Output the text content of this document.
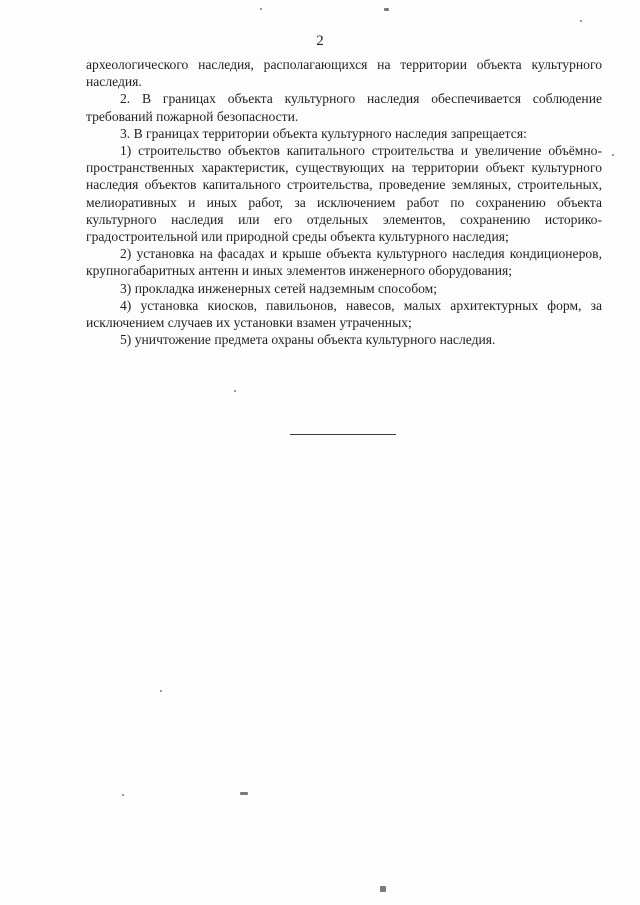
2

археологического наследия, располагающихся на территории объекта культурного наследия.

2. В границах объекта культурного наследия обеспечивается соблюдение требований пожарной безопасности.

3. В границах территории объекта культурного наследия запрещается:

1) строительство объектов капитального строительства и увеличение объёмно-пространственных характеристик, существующих на территории объект культурного наследия объектов капитального строительства, проведение земляных, строительных, мелиоративных и иных работ, за исключением работ по сохранению объекта культурного наследия или его отдельных элементов, сохранению историко-градостроительной или природной среды объекта культурного наследия;

2) установка на фасадах и крыше объекта культурного наследия кондиционеров, крупногабаритных антенн и иных элементов инженерного оборудования;

3) прокладка инженерных сетей надземным способом;

4) установка киосков, павильонов, навесов, малых архитектурных форм, за исключением случаев их установки взамен утраченных;

5) уничтожение предмета охраны объекта культурного наследия.
